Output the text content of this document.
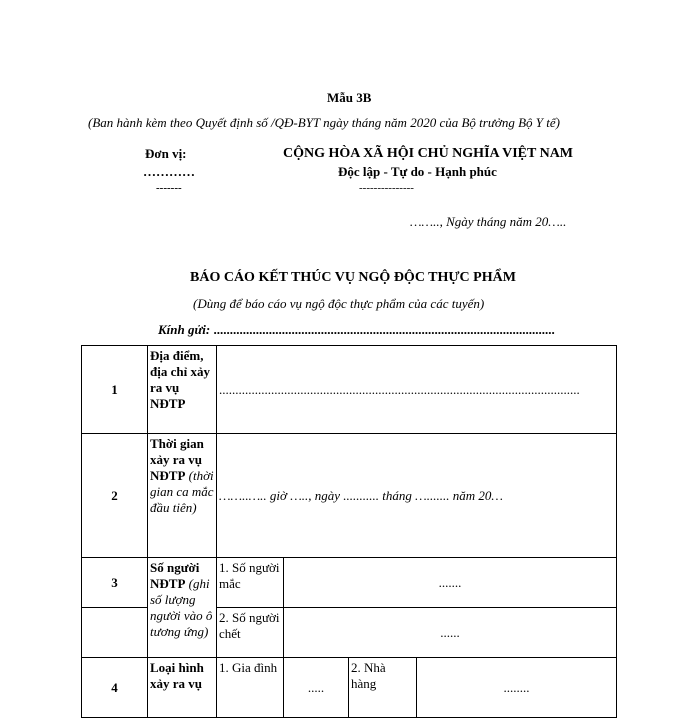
Mẫu 3B
(Ban hành kèm theo Quyết định số /QĐ-BYT ngày tháng năm 2020 của Bộ trưởng Bộ Y tế)
Đơn vị:
…………
-------
CỘNG HÒA XÃ HỘI CHỦ NGHĨA VIỆT NAM
Độc lập - Tự do - Hạnh phúc
---------------
…….., Ngày tháng năm 20…..
BÁO CÁO KẾT THÚC VỤ NGỘ ĐỘC THỰC PHẨM
(Dùng để báo cáo vụ ngộ độc thực phẩm của các tuyến)
Kính gửi: .........................................................................................................
1	Địa điểm, địa chỉ xảy ra vụ NĐTP	...............................................................................................................			
2	Thời gian xảy ra vụ NĐTP (thời gian ca mắc đầu tiên)	……..….. giờ ….., ngày ........... tháng …....... năm 20…			
3	Số người NĐTP (ghi số lượng người vào ô tương ứng)	1. Số người mắc	.......		
		2. Số người chết	......		
4	Loại hình xảy ra vụ	1. Gia đình	.....	2. Nhà hàng	........
